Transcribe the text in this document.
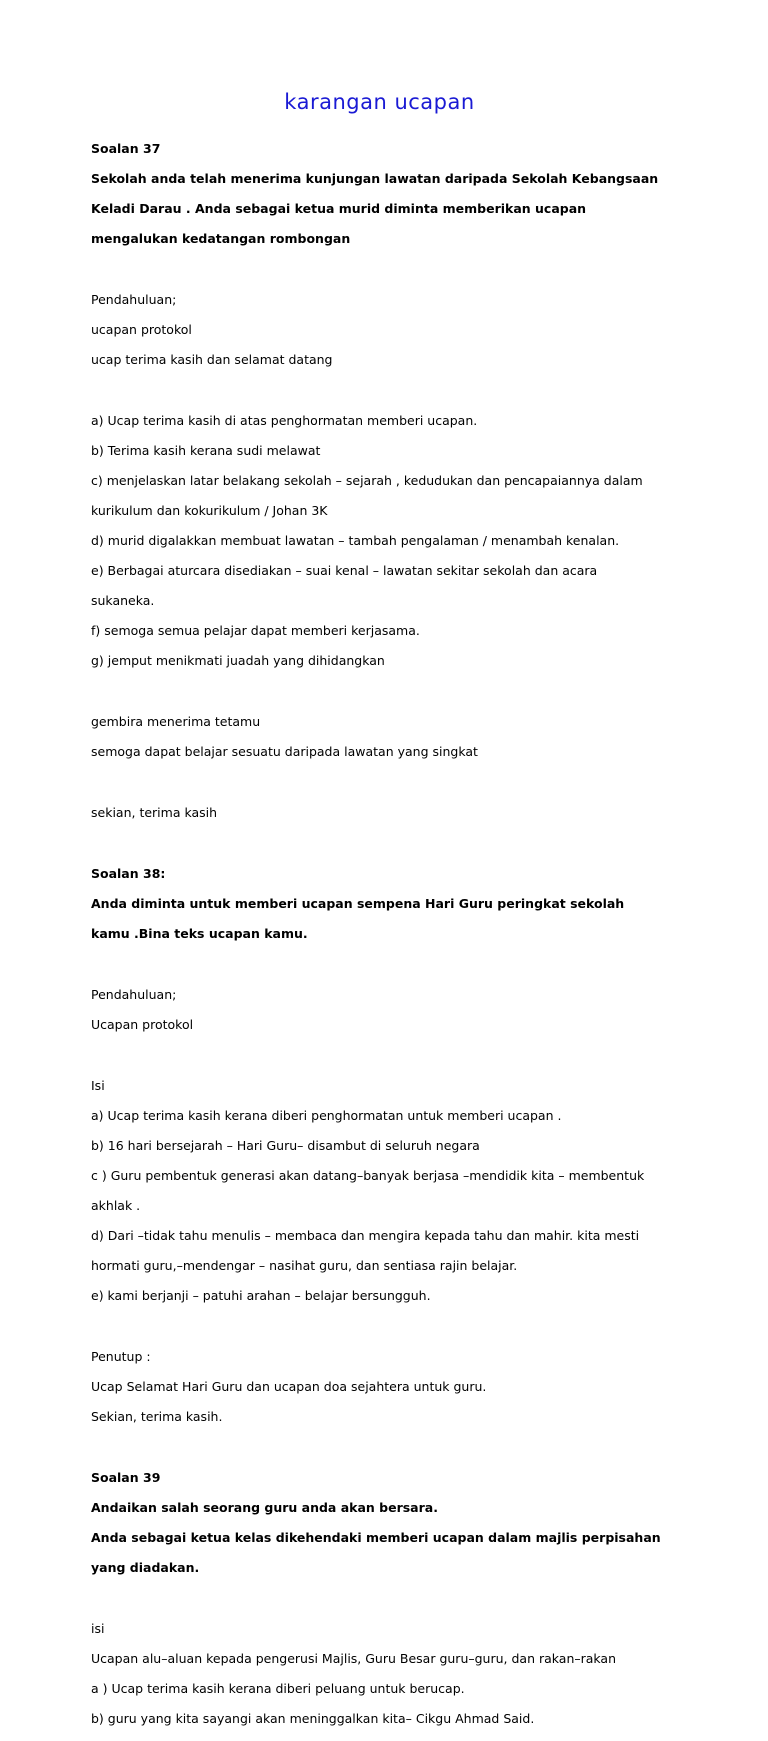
karangan ucapan

Soalan 37

Sekolah anda telah menerima kunjungan lawatan daripada Sekolah Kebangsaan

Keladi Darau . Anda sebagai ketua murid diminta memberikan ucapan

mengalukan kedatangan rombongan

Pendahuluan;

ucapan protokol

ucap terima kasih dan selamat datang

a) Ucap terima kasih di atas penghormatan memberi ucapan.

b) Terima kasih kerana sudi melawat

c) menjelaskan latar belakang sekolah – sejarah , kedudukan dan pencapaiannya dalam

kurikulum dan kokurikulum / Johan 3K

d) murid digalakkan membuat lawatan – tambah pengalaman / menambah kenalan.

e) Berbagai aturcara disediakan – suai kenal – lawatan sekitar sekolah dan acara

sukaneka.

f) semoga semua pelajar dapat memberi kerjasama.

g) jemput menikmati juadah yang dihidangkan

gembira menerima tetamu

semoga dapat belajar sesuatu daripada lawatan yang singkat

sekian, terima kasih

Soalan 38:

Anda diminta untuk memberi ucapan sempena Hari Guru peringkat sekolah

kamu .Bina teks ucapan kamu.

Pendahuluan;

Ucapan protokol

Isi

a) Ucap terima kasih kerana diberi penghormatan untuk memberi ucapan .

b) 16 hari bersejarah – Hari Guru– disambut di seluruh negara

c ) Guru pembentuk generasi akan datang–banyak berjasa –mendidik kita – membentuk

akhlak .

d) Dari –tidak tahu menulis – membaca dan mengira kepada tahu dan mahir. kita mesti

hormati guru,–mendengar – nasihat guru, dan sentiasa rajin belajar.

e) kami berjanji – patuhi arahan – belajar bersungguh.

Penutup :

Ucap Selamat Hari Guru dan ucapan doa sejahtera untuk guru.

Sekian, terima kasih.

Soalan 39

Andaikan salah seorang guru anda akan bersara.

Anda sebagai ketua kelas dikehendaki memberi ucapan dalam majlis perpisahan

yang diadakan.

isi

Ucapan alu–aluan kepada pengerusi Majlis, Guru Besar guru–guru, dan rakan–rakan

a ) Ucap terima kasih kerana diberi peluang untuk berucap.

b) guru yang kita sayangi akan meninggalkan kita– Cikgu Ahmad Said.
